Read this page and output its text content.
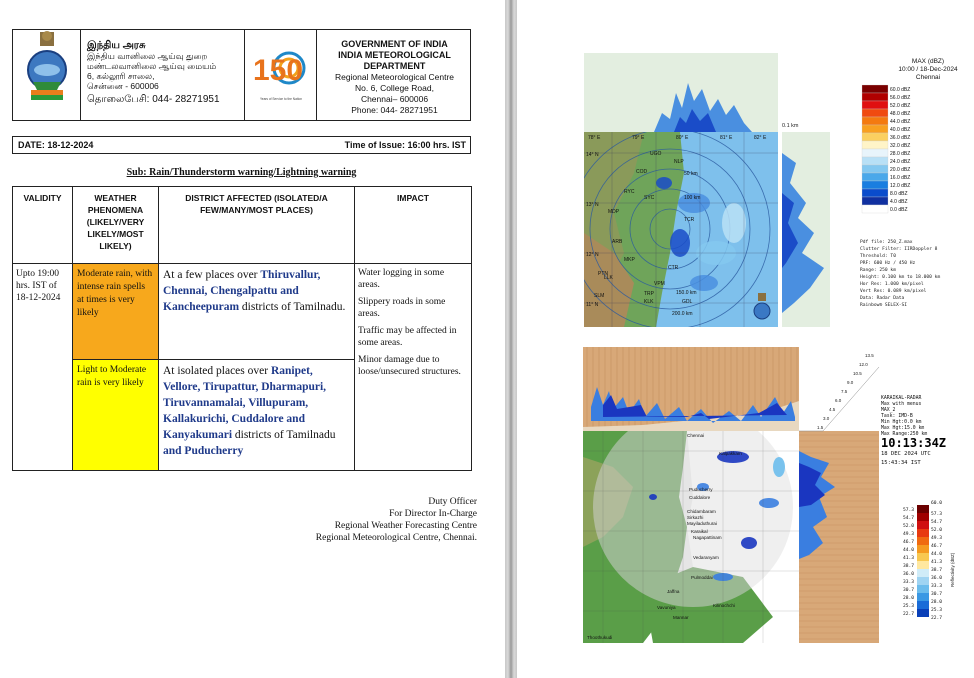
இந்திய அரசு
இந்திய வானிலை ஆய்வு துறை
மண்டலவானிலை ஆய்வு மையம்
6, கல்லூரி சாலை,
சென்னை - 600006
தொலைபேசி: 044- 28271951
150
Years of Service to the Nation
GOVERNMENT OF INDIA
INDIA METEOROLOGICAL DEPARTMENT
Regional Meteorological Centre
No. 6, College Road,
Chennai– 600006
Phone: 044- 28271951
DATE: 18-12-2024	Time of Issue: 16:00 hrs. IST
Sub: Rain/Thunderstorm warning/Lightning warning
VALIDITY	WEATHER PHENOMENA (LIKELY/VERY LIKELY/MOST LIKELY)	DISTRICT AFFECTED (ISOLATED/A FEW/MANY/MOST PLACES)	IMPACT
Upto 19:00 hrs. IST of 18-12-2024	Moderate rain, with intense rain spells at times is very likely	At a few places over Thiruvallur, Chennai, Chengalpattu and Kancheepuram districts of Tamilnadu.	Water logging in some areas.

Slippery roads in some areas.

Traffic may be affected in some areas.

Minor damage due to loose/unsecured structures.

	Light to Moderate rain is very likely	At isolated places over Ranipet, Vellore, Tirupattur, Dharmapuri, Tiruvannamalai, Villupuram, Kallakurichi, Cuddalore and Kanyakumari districts of Tamilnadu and Puducherry	
Duty Officer
For Director In-Charge
Regional Weather Forecasting Centre
Regional Meteorological Centre, Chennai.
0.1 km
UGO
NLP
COD
RYC
SYC
MDP
ARB
MKP
PTN
LLK
SLM	TRP
TCR
CTR
VPM
GDL
KLK
78° E	79° E	80° E	81° E	82° E
14° N
13° N
12° N
11° N
50 km
100 km
150.0 km
200.0 km
MAX (dBZ)
10:00 / 18-Dec-2024
Chennai
60.0 dBZ
56.0 dBZ
52.0 dBZ
48.0 dBZ
44.0 dBZ
40.0 dBZ
36.0 dBZ
32.0 dBZ
28.0 dBZ
24.0 dBZ
20.0 dBZ
16.0 dBZ
12.0 dBZ
8.0 dBZ
4.0 dBZ
0.0 dBZ
Pdf file: 250_Z.max
Clutter Filter: IIRDoppler 8
Threshold: T0
PRF: 600 Hz / 450 Hz
Range: 250 km
Height: 0.100 km to 18.000 km
Hor Res: 1.000 km/pixel
Vert Res: 0.089 km/pixel
Data: Radar Data
Rainbow® SELEX-SI
13.5
12.0
10.5
9.0
7.5
6.0
4.5
3.0
1.5
Chennai
Kalpakkam
Puducherry
Cuddalore
Chidambaram
Sirkazhi
Mayiladuthurai
Karaikal
Nagapattinam
Vedaranyam
Jaffna
Kilinochchi
Mannar
Vavuniya
Pulmoddai
Thoothukudi
KARAIKAL-RADAR
Max with menus
MAX_2
Task: IMD-B
Min Hgt:0.0 km
Max Hgt:15.0 km
Max Range:250 km
10:13:34Z
18 DEC 2024 UTC
15:43:34 IST
60.0
57.3
57.3
54.7
54.7
52.0
52.0
49.3
49.3
46.7
46.7
44.0
44.0
41.3
41.3
38.7
38.7
36.0
36.0
33.3
33.3
30.7
30.7
28.0
28.0
25.3
25.3
22.7
22.7
Reflectivity (dBZ)
